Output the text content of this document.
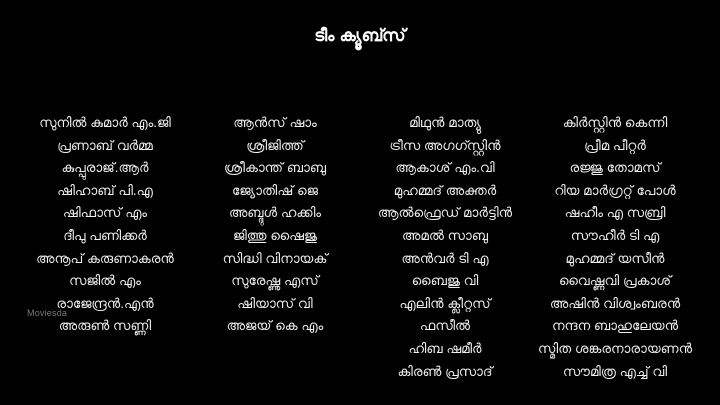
ടീം ക്യൂബ്സ്
സുനിൽ കുമാർ എം.ജി
പ്രണാബ് വർമ്മ
കുപ്പുരാജ്.ആർ
ഷിഹാബ് പി.എ
ഷിഫാസ് എം
ദീപു പണിക്കർ
അനൂപ് കരുണാകരൻ
സജിൽ എം
രാജേന്ദ്രൻ.എൻ
അരുൺ സണ്ണി
ആൻസ് ഷാം
ശ്രീജിത്ത്
ശ്രീകാന്ത് ബാബു
ജ്യോതിഷ് ജെ
അബ്ദുൾ ഹക്കിം
ജിത്തു ഷൈജു
സിദ്ധി വിനായക്
സുരേഷ്ണു എസ്
ഷിയാസ് വി
അജയ് കെ എം
മിഥുൻ മാത്യു
ട്രീസ അഗഗ്സ്റ്റിൻ
ആകാശ് എം.വി
മുഹമ്മദ് അക്തർ
ആൽഫ്രെഡ് മാർട്ടിൻ
അമൽ സാബു
അൻവർ ടി എ
ബൈജു വി
എലിൻ ക്ലീറ്റസ്
ഫസീൽ
ഹിബ ഷമീർ
കിരൺ പ്രസാദ്
കിർസ്റ്റിൻ കെന്നി
പ്രീമ പീറ്റർ
രജ്ജു തോമസ്
റിയ മാർഗ്രറ്റ് പോൾ
ഷഹീം എ സബ്രി
സൗഹീർ ടി എ
മുഹമ്മദ് യസീൻ
വൈഷ്ണവി പ്രകാശ്
അഷിൻ വിശ്വംബരൻ
നന്ദന ബാഹുലേയൻ
സ്മിത ശങ്കരനാരായണൻ
സൗമിത്ര എച്ച് വി
Moviesda
